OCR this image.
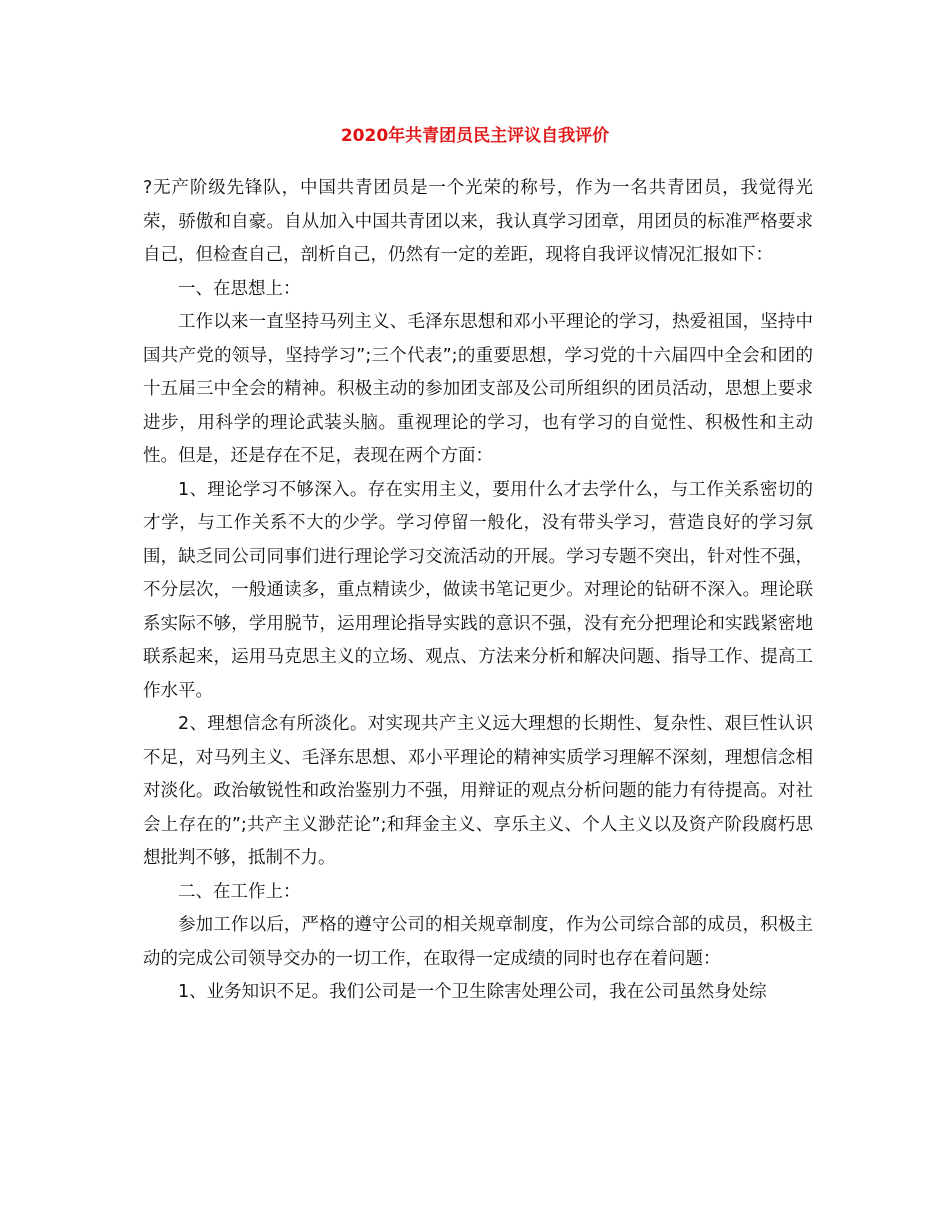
2020年共青团员民主评议自我评价

?无产阶级先锋队，中国共青团员是一个光荣的称号，作为一名共青团员，我觉得光荣，骄傲和自豪。自从加入中国共青团以来，我认真学习团章，用团员的标准严格要求自己，但检查自己，剖析自己，仍然有一定的差距，现将自我评议情况汇报如下：

一、在思想上：

工作以来一直坚持马列主义、毛泽东思想和邓小平理论的学习，热爱祖国，坚持中国共产党的领导，坚持学习”;三个代表”;的重要思想，学习党的十六届四中全会和团的十五届三中全会的精神。积极主动的参加团支部及公司所组织的团员活动，思想上要求进步，用科学的理论武装头脑。重视理论的学习，也有学习的自觉性、积极性和主动性。但是，还是存在不足，表现在两个方面：

1、理论学习不够深入。存在实用主义，要用什么才去学什么，与工作关系密切的才学，与工作关系不大的少学。学习停留一般化，没有带头学习，营造良好的学习氛围，缺乏同公司同事们进行理论学习交流活动的开展。学习专题不突出，针对性不强，不分层次，一般通读多，重点精读少，做读书笔记更少。对理论的钻研不深入。理论联系实际不够，学用脱节，运用理论指导实践的意识不强，没有充分把理论和实践紧密地联系起来，运用马克思主义的立场、观点、方法来分析和解决问题、指导工作、提高工作水平。

2、理想信念有所淡化。对实现共产主义远大理想的长期性、复杂性、艰巨性认识不足，对马列主义、毛泽东思想、邓小平理论的精神实质学习理解不深刻，理想信念相对淡化。政治敏锐性和政治鉴别力不强，用辩证的观点分析问题的能力有待提高。对社会上存在的”;共产主义渺茫论”;和拜金主义、享乐主义、个人主义以及资产阶段腐朽思想批判不够，抵制不力。

二、在工作上：

参加工作以后，严格的遵守公司的相关规章制度，作为公司综合部的成员，积极主动的完成公司领导交办的一切工作，在取得一定成绩的同时也存在着问题：

1、业务知识不足。我们公司是一个卫生除害处理公司，我在公司虽然身处综
